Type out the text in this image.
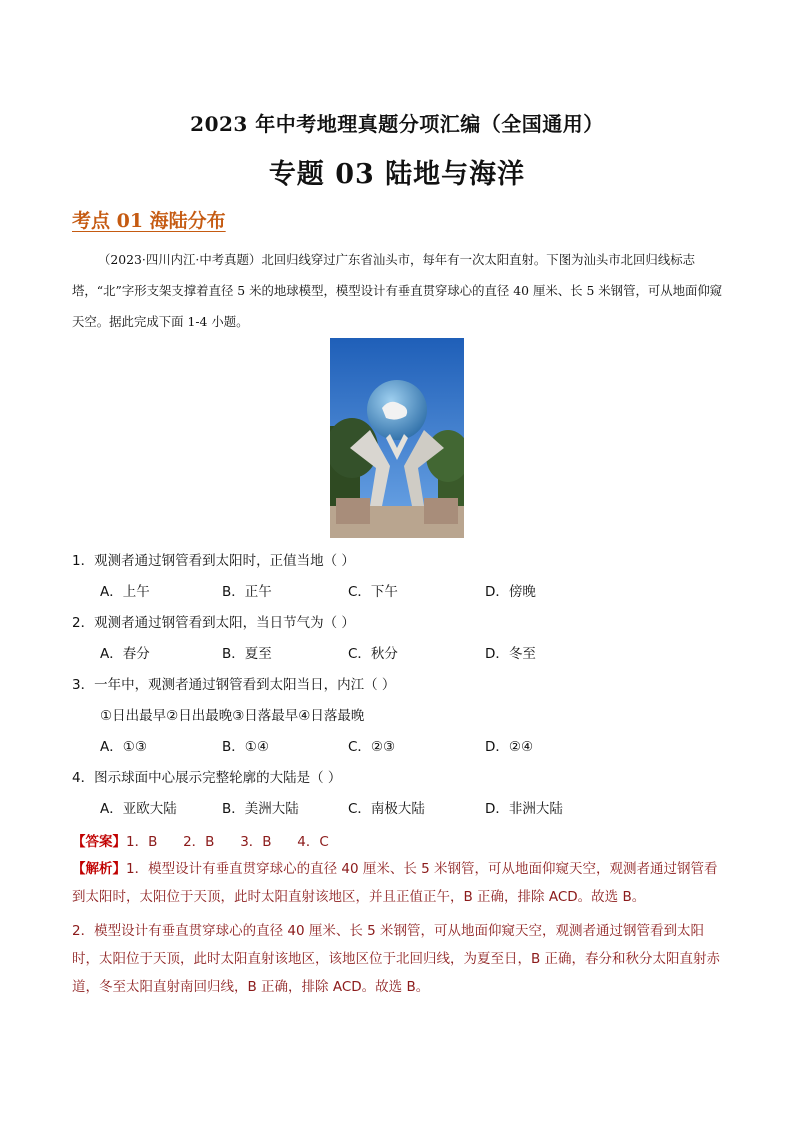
2023 年中考地理真题分项汇编（全国通用）
专题 03 陆地与海洋
考点 01 海陆分布

（2023·四川内江·中考真题）北回归线穿过广东省汕头市，每年有一次太阳直射。下图为汕头市北回归线标志塔，“北”字形支架支撑着直径 5 米的地球模型，模型设计有垂直贯穿球心的直径 40 厘米、长 5 米钢管，可从地面仰窥天空。据此完成下面 1-4 小题。

1．观测者通过钢管看到太阳时，正值当地（ ）
A．上午	B．正午	C．下午	D．傍晚
2．观测者通过钢管看到太阳，当日节气为（ ）
A．春分	B．夏至	C．秋分	D．冬至
3．一年中，观测者通过钢管看到太阳当日，内江（ ）
①日出最早②日出最晚③日落最早④日落最晚
A．①③	B．①④	C．②③	D．②④
4．图示球面中心展示完整轮廓的大陆是（ ）
A．亚欧大陆	B．美洲大陆	C．南极大陆	D．非洲大陆
【答案】1．B      2．B      3．B      4．C

【解析】1．模型设计有垂直贯穿球心的直径 40 厘米、长 5 米钢管，可从地面仰窥天空，观测者通过钢管看到太阳时，太阳位于天顶，此时太阳直射该地区，并且正值正午，B 正确，排除 ACD。故选 B。

2．模型设计有垂直贯穿球心的直径 40 厘米、长 5 米钢管，可从地面仰窥天空，观测者通过钢管看到太阳时，太阳位于天顶，此时太阳直射该地区，该地区位于北回归线，为夏至日，B 正确，春分和秋分太阳直射赤道，冬至太阳直射南回归线，B 正确，排除 ACD。故选 B。
